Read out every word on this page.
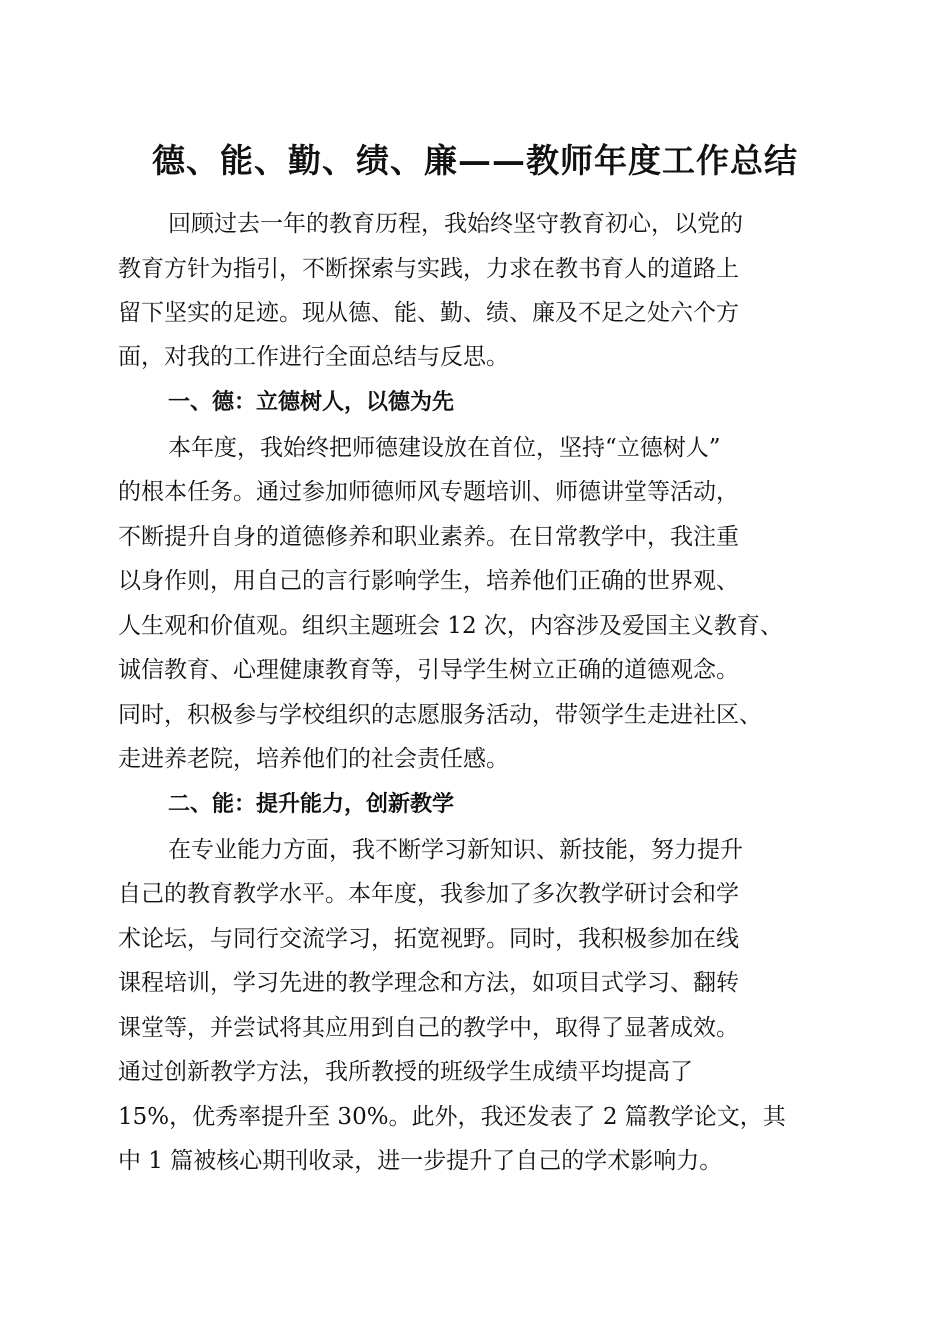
德、能、勤、绩、廉——教师年度工作总结

回顾过去一年的教育历程，我始终坚守教育初心，以党的

教育方针为指引，不断探索与实践，力求在教书育人的道路上

留下坚实的足迹。现从德、能、勤、绩、廉及不足之处六个方

面，对我的工作进行全面总结与反思。

一、德：立德树人，以德为先

本年度，我始终把师德建设放在首位，坚持“立德树人”

的根本任务。通过参加师德师风专题培训、师德讲堂等活动，

不断提升自身的道德修养和职业素养。在日常教学中，我注重

以身作则，用自己的言行影响学生，培养他们正确的世界观、

人生观和价值观。组织主题班会 12 次，内容涉及爱国主义教育、

诚信教育、心理健康教育等，引导学生树立正确的道德观念。

同时，积极参与学校组织的志愿服务活动，带领学生走进社区、

走进养老院，培养他们的社会责任感。

二、能：提升能力，创新教学

在专业能力方面，我不断学习新知识、新技能，努力提升

自己的教育教学水平。本年度，我参加了多次教学研讨会和学

术论坛，与同行交流学习，拓宽视野。同时，我积极参加在线

课程培训，学习先进的教学理念和方法，如项目式学习、翻转

课堂等，并尝试将其应用到自己的教学中，取得了显著成效。

通过创新教学方法，我所教授的班级学生成绩平均提高了

15%，优秀率提升至 30%。此外，我还发表了 2 篇教学论文，其

中 1 篇被核心期刊收录，进一步提升了自己的学术影响力。
